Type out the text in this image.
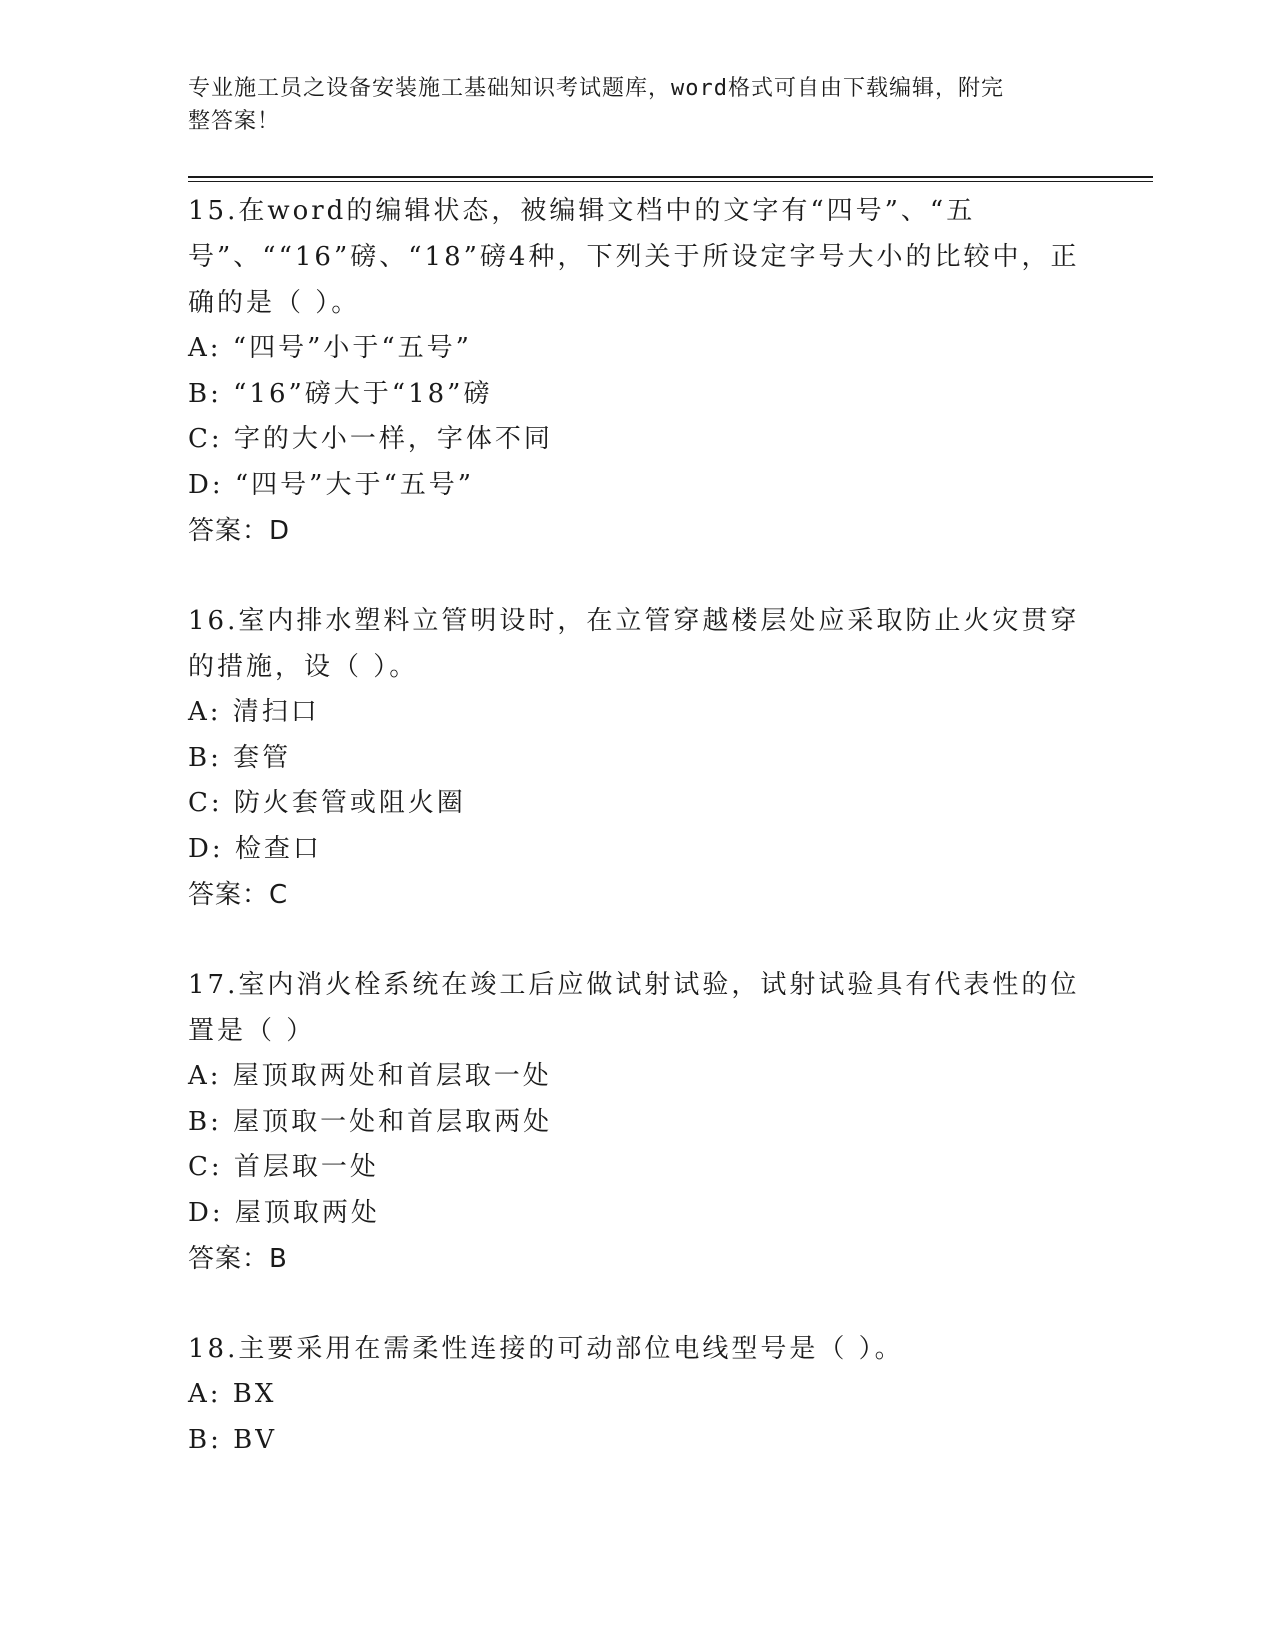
专业施工员之设备安装施工基础知识考试题库，word格式可自由下载编辑，附完
整答案！
15.在word的编辑状态，被编辑文档中的文字有“四号”、“五号”、““16”磅、“18”磅4种，下列关于所设定字号大小的比较中，正确的是（ ）。
A: “四号”小于“五号”
B: “16”磅大于“18”磅
C: 字的大小一样，字体不同
D: “四号”大于“五号”
答案：D
16.室内排水塑料立管明设时，在立管穿越楼层处应采取防止火灾贯穿的措施，设（ ）。
A: 清扫口
B: 套管
C: 防火套管或阻火圈
D: 检查口
答案：C
17.室内消火栓系统在竣工后应做试射试验，试射试验具有代表性的位置是（ ）
A: 屋顶取两处和首层取一处
B: 屋顶取一处和首层取两处
C: 首层取一处
D: 屋顶取两处
答案：B
18.主要采用在需柔性连接的可动部位电线型号是（ ）。
A: BX
B: BV
